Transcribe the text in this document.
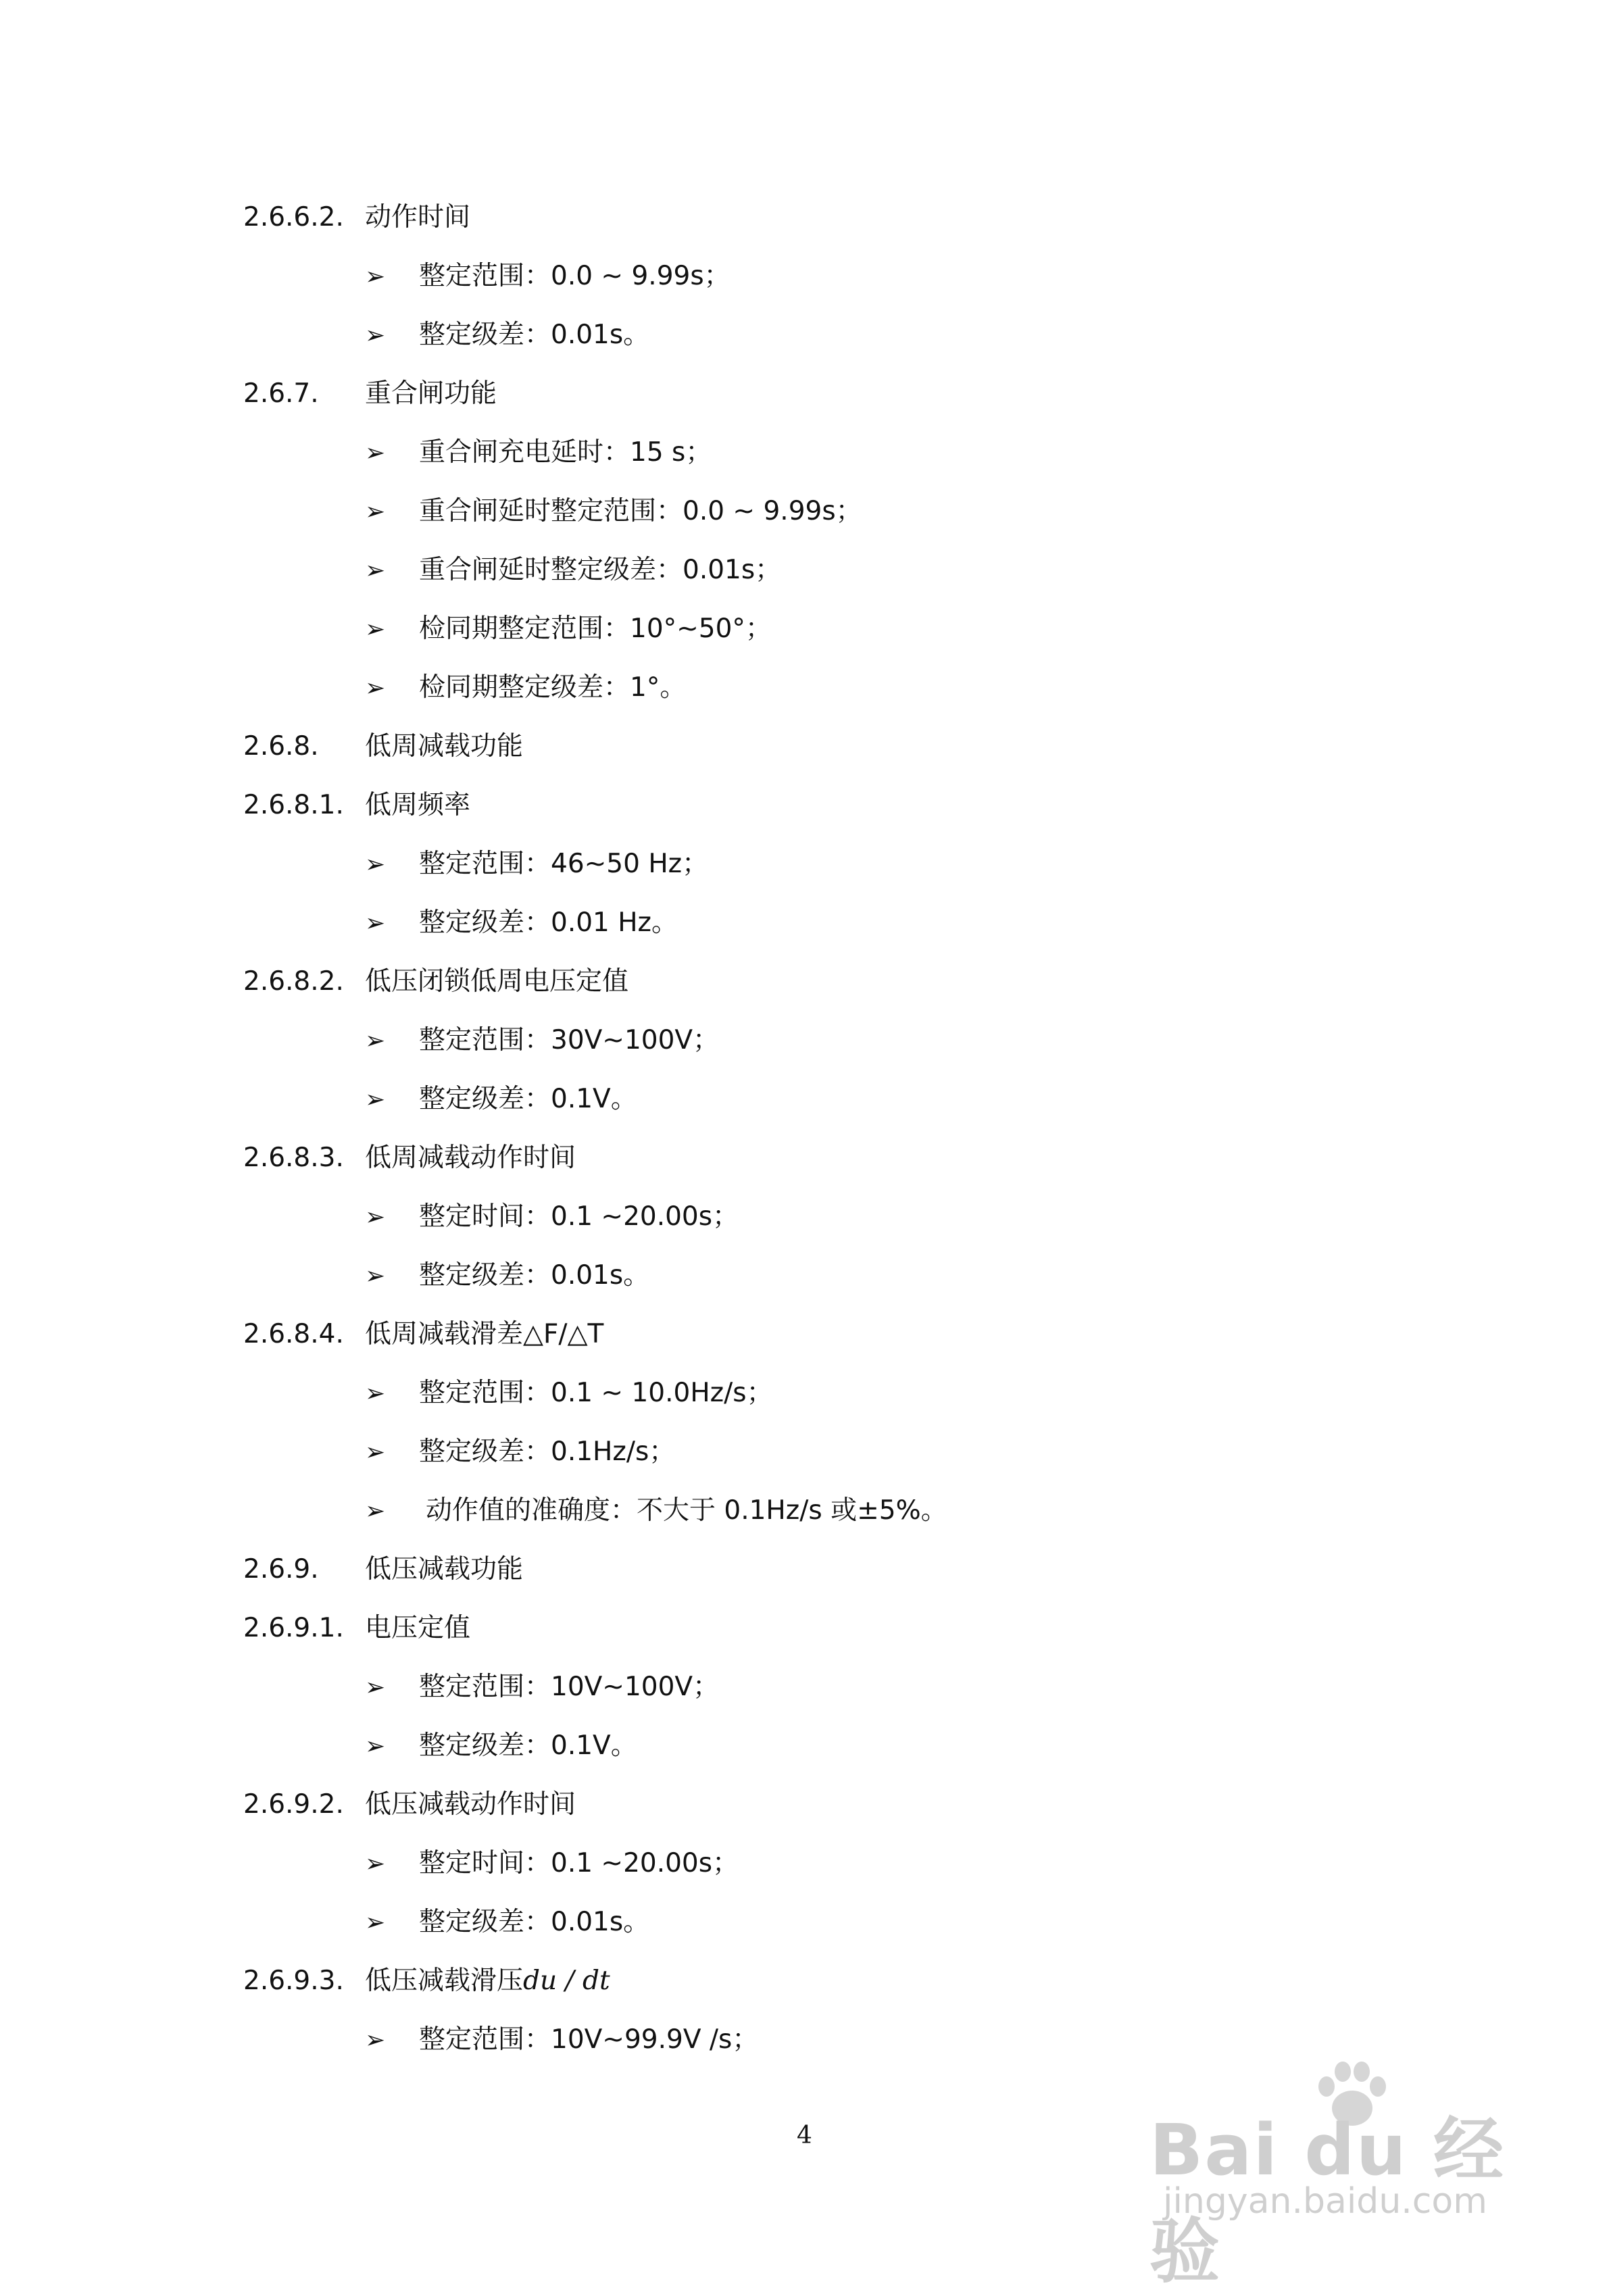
2.6.6.2. 动作时间
➢ 整定范围：0.0 ~ 9.99s；
➢ 整定级差：0.01s。
2.6.7. 重合闸功能
➢ 重合闸充电延时：15 s；
➢ 重合闸延时整定范围：0.0 ~ 9.99s；
➢ 重合闸延时整定级差：0.01s；
➢ 检同期整定范围：10°~50°；
➢ 检同期整定级差：1°。
2.6.8. 低周减载功能
2.6.8.1. 低周频率
➢ 整定范围：46~50 Hz；
➢ 整定级差：0.01 Hz。
2.6.8.2. 低压闭锁低周电压定值
➢ 整定范围：30V~100V；
➢ 整定级差：0.1V。
2.6.8.3. 低周减载动作时间
➢ 整定时间：0.1 ~20.00s；
➢ 整定级差：0.01s。
2.6.8.4. 低周减载滑差△F/△T
➢ 整定范围：0.1 ~ 10.0Hz/s；
➢ 整定级差：0.1Hz/s；
➢ 动作值的准确度：不大于 0.1Hz/s 或±5%。
2.6.9. 低压减载功能
2.6.9.1. 电压定值
➢ 整定范围：10V~100V；
➢ 整定级差：0.1V。
2.6.9.2. 低压减载动作时间
➢ 整定时间：0.1 ~20.00s；
➢ 整定级差：0.01s。
2.6.9.3. 低压减载滑压du / dt
➢ 整定范围：10V~99.9V /s；
4	Bai du 经验
jingyan.baidu.com
